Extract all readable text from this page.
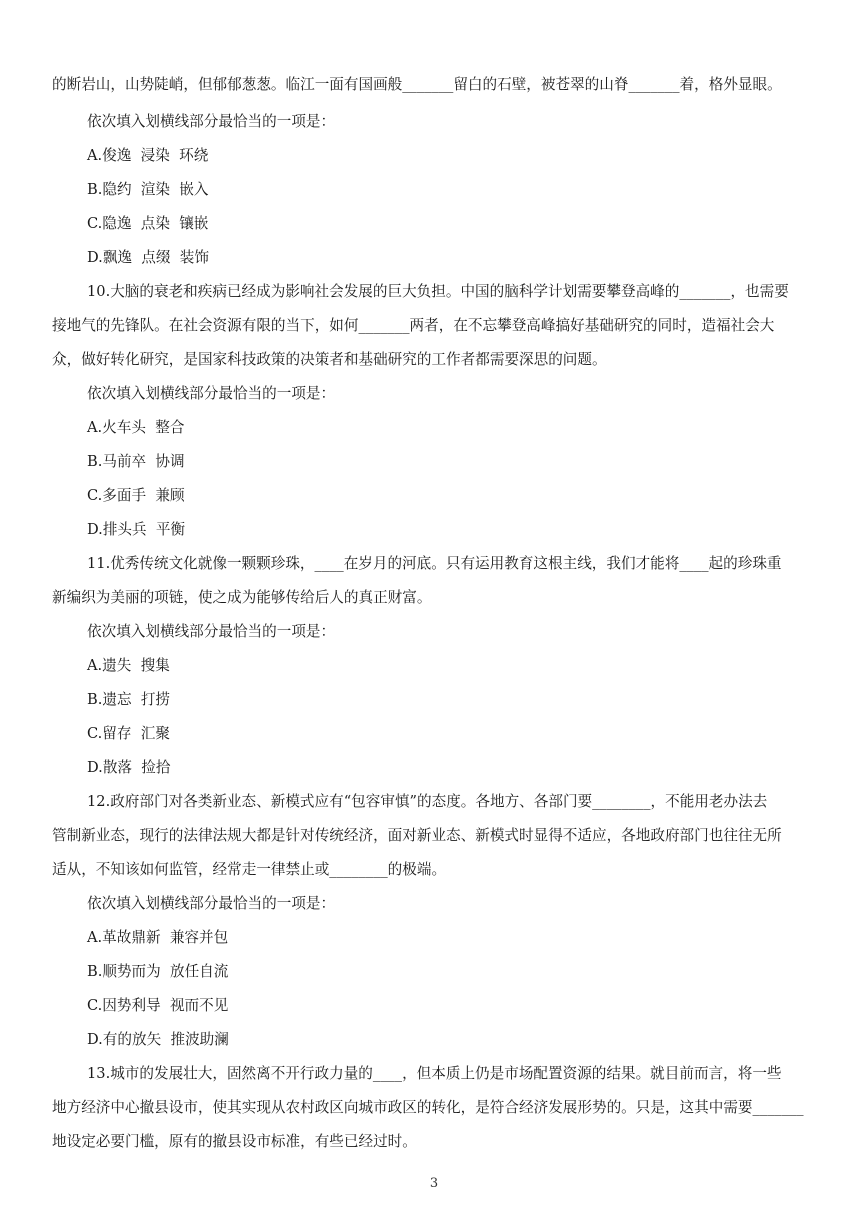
的断岩山，山势陡峭，但郁郁葱葱。临江一面有国画般_______留白的石壁，被苍翠的山脊_______着，格外显眼。

依次填入划横线部分最恰当的一项是：

A.俊逸  浸染  环绕
B.隐约  渲染  嵌入
C.隐逸  点染  镶嵌
D.飘逸  点缀  装饰

10.大脑的衰老和疾病已经成为影响社会发展的巨大负担。中国的脑科学计划需要攀登高峰的_______，也需要

接地气的先锋队。在社会资源有限的当下，如何_______两者，在不忘攀登高峰搞好基础研究的同时，造福社会大

众，做好转化研究，是国家科技政策的决策者和基础研究的工作者都需要深思的问题。

依次填入划横线部分最恰当的一项是：

A.火车头  整合
B.马前卒  协调
C.多面手  兼顾
D.排头兵  平衡

11.优秀传统文化就像一颗颗珍珠，____在岁月的河底。只有运用教育这根主线，我们才能将____起的珍珠重

新编织为美丽的项链，使之成为能够传给后人的真正财富。

依次填入划横线部分最恰当的一项是：

A.遗失  搜集
B.遗忘  打捞
C.留存  汇聚
D.散落  捡拾

12.政府部门对各类新业态、新模式应有“包容审慎”的态度。各地方、各部门要________，不能用老办法去

管制新业态，现行的法律法规大都是针对传统经济，面对新业态、新模式时显得不适应，各地政府部门也往往无所

适从，不知该如何监管，经常走一律禁止或________的极端。

依次填入划横线部分最恰当的一项是：

A.革故鼎新  兼容并包
B.顺势而为  放任自流
C.因势利导  视而不见
D.有的放矢  推波助澜

13.城市的发展壮大，固然离不开行政力量的____，但本质上仍是市场配置资源的结果。就目前而言，将一些

地方经济中心撤县设市，使其实现从农村政区向城市政区的转化，是符合经济发展形势的。只是，这其中需要_______

地设定必要门槛，原有的撤县设市标准，有些已经过时。

3
